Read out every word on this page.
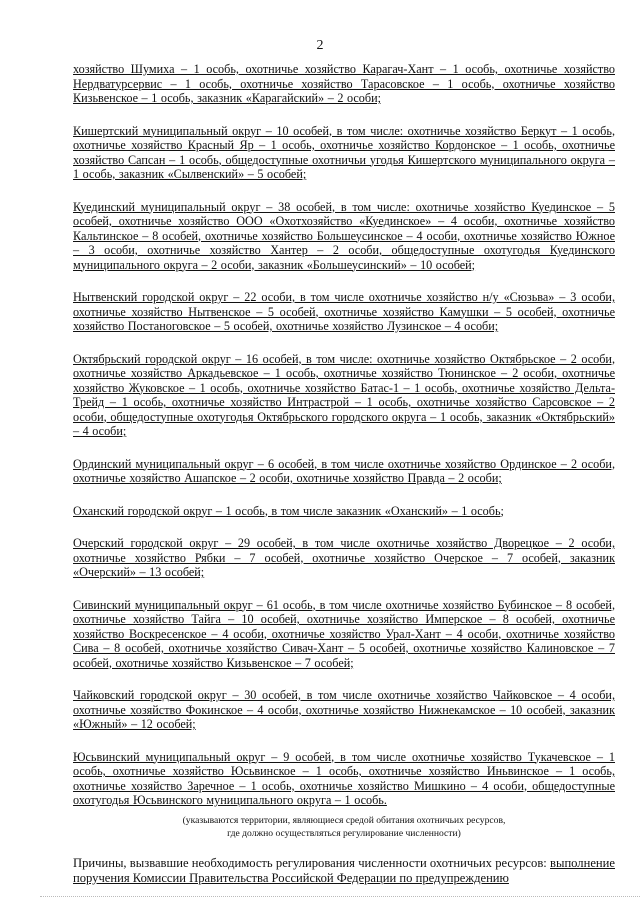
2

хозяйство Шумиха – 1 особь, охотничье хозяйство Карагач-Хант – 1 особь, охотничье хозяйство Нердватурсервис – 1 особь, охотничье хозяйство Тарасовское – 1 особь, охотничье хозяйство Кизьвенское – 1 особь, заказник «Карагайский» – 2 особи;

Кишертский муниципальный округ – 10 особей, в том числе: охотничье хозяйство Беркут – 1 особь, охотничье хозяйство Красный Яр – 1 особь, охотничье хозяйство Кордонское – 1 особь, охотничье хозяйство Сапсан – 1 особь, общедоступные охотничьи угодья Кишертского муниципального округа – 1 особь, заказник «Сылвенский» – 5 особей;

Куединский муниципальный округ – 38 особей, в том числе: охотничье хозяйство Куединское – 5 особей, охотничье хозяйство ООО «Охотхозяйство «Куединское» – 4 особи, охотничье хозяйство Кальтинское – 8 особей, охотничье хозяйство Большеусинское – 4 особи, охотничье хозяйство Южное – 3 особи, охотничье хозяйство Хантер – 2 особи, общедоступные охотугодья Куединского муниципального округа – 2 особи, заказник «Большеусинский» – 10 особей;

Нытвенский городской округ – 22 особи, в том числе охотничье хозяйство н/у «Сюзьва» – 3 особи, охотничье хозяйство Нытвенское – 5 особей, охотничье хозяйство Камушки – 5 особей, охотничье хозяйство Постаноговское – 5 особей, охотничье хозяйство Лузинское – 4 особи;

Октябрьский городской округ – 16 особей, в том числе: охотничье хозяйство Октябрьское – 2 особи, охотничье хозяйство Аркадьевское – 1 особь, охотничье хозяйство Тюнинское – 2 особи, охотничье хозяйство Жуковское – 1 особь, охотничье хозяйство Батас-1 – 1 особь, охотничье хозяйство Дельта-Трейд – 1 особь, охотничье хозяйство Интрастрой – 1 особь, охотничье хозяйство Сарсовское – 2 особи, общедоступные охотугодья Октябрьского городского округа – 1 особь, заказник «Октябрьский» – 4 особи;

Ординский муниципальный округ – 6 особей, в том числе охотничье хозяйство Ординское – 2 особи, охотничье хозяйство Ашапское – 2 особи, охотничье хозяйство Правда – 2 особи;

Оханский городской округ – 1 особь, в том числе заказник «Оханский» – 1 особь;

Очерский городской округ – 29 особей, в том числе охотничье хозяйство Дворецкое – 2 особи, охотничье хозяйство Рябки – 7 особей, охотничье хозяйство Очерское – 7 особей, заказник «Очерский» – 13 особей;

Сивинский муниципальный округ – 61 особь, в том числе охотничье хозяйство Бубинское – 8 особей, охотничье хозяйство Тайга – 10 особей, охотничье хозяйство Имперское – 8 особей, охотничье хозяйство Воскресенское – 4 особи, охотничье хозяйство Урал-Хант – 4 особи, охотничье хозяйство Сива – 8 особей, охотничье хозяйство Сивач-Хант – 5 особей, охотничье хозяйство Калиновское – 7 особей, охотничье хозяйство Кизьвенское – 7 особей;

Чайковский городской округ – 30 особей, в том числе охотничье хозяйство Чайковское – 4 особи, охотничье хозяйство Фокинское – 4 особи, охотничье хозяйство Нижнекамское – 10 особей, заказник «Южный» – 12 особей;

Юсьвинский муниципальный округ – 9 особей, в том числе охотничье хозяйство Тукачевское – 1 особь, охотничье хозяйство Юсьвинское – 1 особь, охотничье хозяйство Иньвинское – 1 особь, охотничье хозяйство Заречное – 1 особь, охотничье хозяйство Мишкино – 4 особи, общедоступные охотугодья Юсьвинского муниципального округа – 1 особь.

(указываются территории, являющиеся средой обитания охотничьих ресурсов,
где должно осуществляться регулирование численности)

Причины, вызвавшие необходимость регулирования численности охотничьих ресурсов: выполнение поручения Комиссии Правительства Российской Федерации по предупреждению
